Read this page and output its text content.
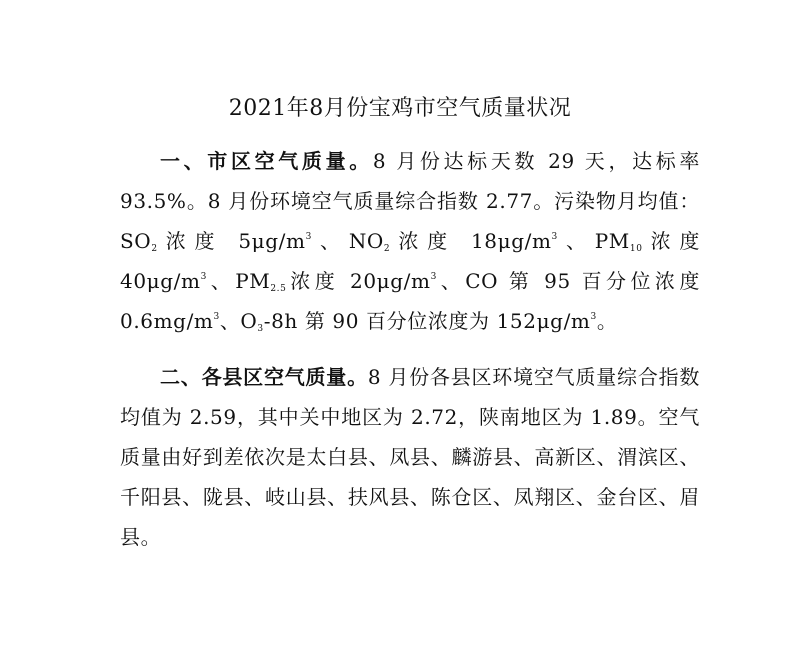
2021年8月份宝鸡市空气质量状况

一、市区空气质量。8 月份达标天数 29 天，达标率 93.5%。8 月份环境空气质量综合指数 2.77。污染物月均值：$SO_2$浓度 $5\mu g/m^3$、$NO_2$浓度 $18\mu g/m^3$、$PM_{10}$浓度 $40\mu g/m^3$、$PM_{2.5}$浓度 $20\mu g/m^3$、CO 第 95 百分位浓度 $0.6mg/m^3$、$O_3-8h$ 第 90 百分位浓度为 $152\mu g/m^3$。

二、各县区空气质量。8 月份各县区环境空气质量综合指数均值为 2.59，其中关中地区为 2.72，陕南地区为 1.89。空气质量由好到差依次是太白县、凤县、麟游县、高新区、渭滨区、千阳县、陇县、岐山县、扶风县、陈仓区、凤翔区、金台区、眉县。
